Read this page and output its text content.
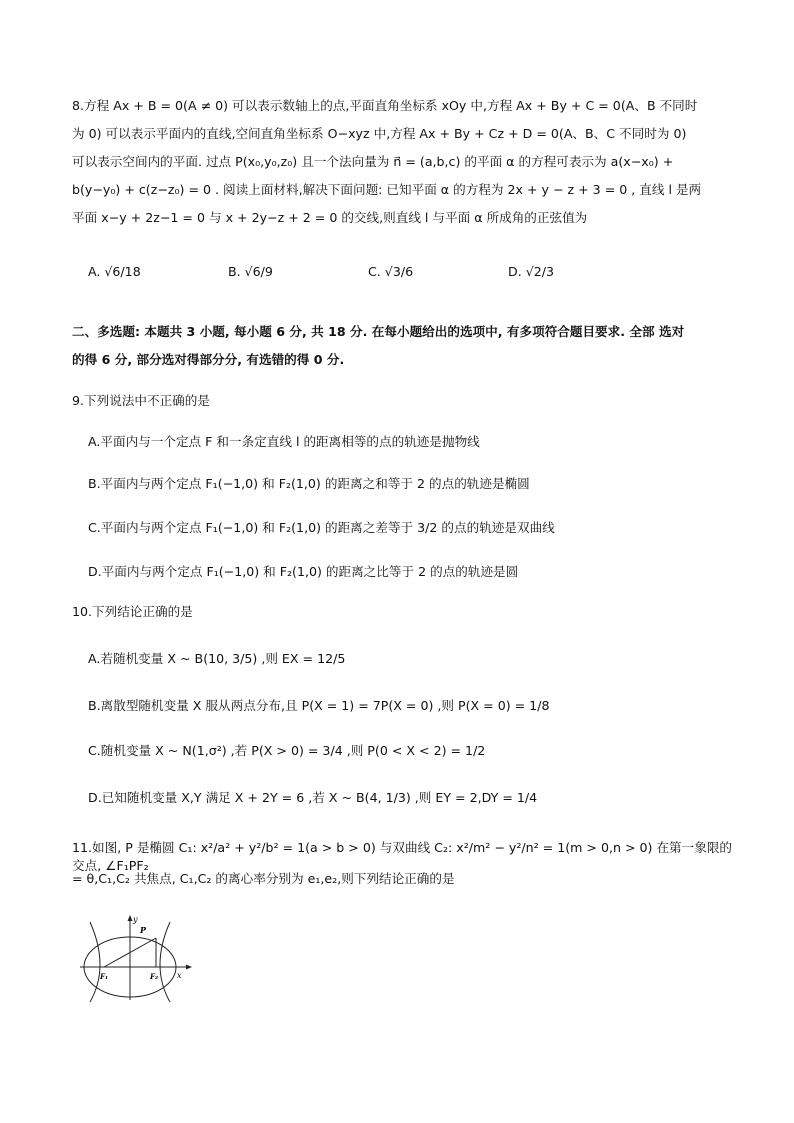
8.方程 Ax + B = 0(A ≠ 0) 可以表示数轴上的点,平面直角坐标系 xOy 中,方程 Ax + By + C = 0(A、B 不同时
为 0) 可以表示平面内的直线,空间直角坐标系 O−xyz 中,方程 Ax + By + Cz + D = 0(A、B、C 不同时为 0)
可以表示空间内的平面. 过点 P(x₀,y₀,z₀) 且一个法向量为 n⃗ = (a,b,c) 的平面 α 的方程可表示为 a(x−x₀) +
b(y−y₀) + c(z−z₀) = 0 . 阅读上面材料,解决下面问题: 已知平面 α 的方程为 2x + y − z + 3 = 0 , 直线 l 是两
平面 x−y + 2z−1 = 0 与 x + 2y−z + 2 = 0 的交线,则直线 l 与平面 α 所成角的正弦值为
A. √6/18	B. √6/9	C. √3/6	D. √2/3
二、多选题: 本题共 3 小题, 每小题 6 分, 共 18 分. 在每小题给出的选项中, 有多项符合题目要求. 全部 选对
的得 6 分, 部分选对得部分分, 有选错的得 0 分.
9.下列说法中不正确的是
A.平面内与一个定点 F 和一条定直线 l 的距离相等的点的轨迹是抛物线
B.平面内与两个定点 F₁(−1,0) 和 F₂(1,0) 的距离之和等于 2 的点的轨迹是椭圆
C.平面内与两个定点 F₁(−1,0) 和 F₂(1,0) 的距离之差等于 3/2 的点的轨迹是双曲线
D.平面内与两个定点 F₁(−1,0) 和 F₂(1,0) 的距离之比等于 2 的点的轨迹是圆
10.下列结论正确的是
A.若随机变量 X ~ B(10, 3/5) ,则 EX = 12/5
B.离散型随机变量 X 服从两点分布,且 P(X = 1) = 7P(X = 0) ,则 P(X = 0) = 1/8
C.随机变量 X ~ N(1,σ²) ,若 P(X > 0) = 3/4 ,则 P(0 < X < 2) = 1/2
D.已知随机变量 X,Y 满足 X + 2Y = 6 ,若 X ~ B(4, 1/3) ,则 EY = 2,DY = 1/4
11.如图, P 是椭圆 C₁: x²/a² + y²/b² = 1(a > b > 0) 与双曲线 C₂: x²/m² − y²/n² = 1(m > 0,n > 0) 在第一象限的交点, ∠F₁PF₂
= θ,C₁,C₂ 共焦点, C₁,C₂ 的离心率分别为 e₁,e₂,则下列结论正确的是
y
x
P
F₁	F₂
